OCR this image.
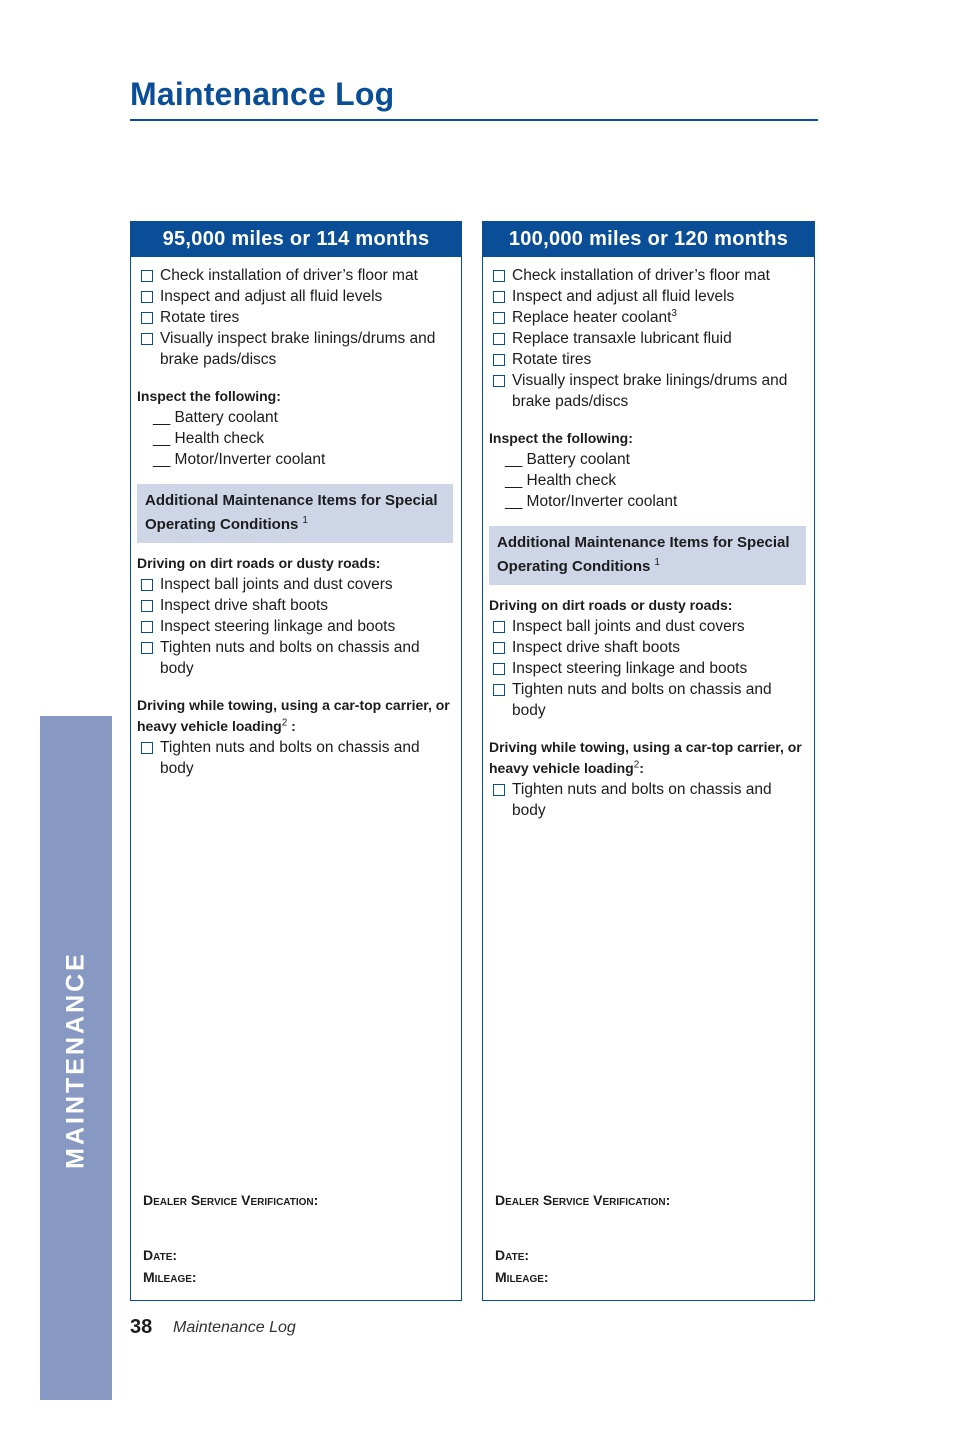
Maintenance Log
MAINTENANCE
95,000 miles or 114 months
Check installation of driver’s floor mat
Inspect and adjust all fluid levels
Rotate tires
Visually inspect brake linings/drums and brake pads/discs
Inspect the following:
__ Battery coolant
__ Health check
__ Motor/Inverter coolant
Additional Maintenance Items for Special Operating Conditions $^1$
Driving on dirt roads or dusty roads:
Inspect ball joints and dust covers
Inspect drive shaft boots
Inspect steering linkage and boots
Tighten nuts and bolts on chassis and body
Driving while towing, using a car-top carrier, or heavy vehicle loading$^2$ :
Tighten nuts and bolts on chassis and body
Dealer Service Verification:
Date:
Mileage:
100,000 miles or 120 months
Check installation of driver’s floor mat
Inspect and adjust all fluid levels
Replace heater coolant$^3$
Replace transaxle lubricant fluid
Rotate tires
Visually inspect brake linings/drums and brake pads/discs
Inspect the following:
__ Battery coolant
__ Health check
__ Motor/Inverter coolant
Additional Maintenance Items for Special Operating Conditions $^1$
Driving on dirt roads or dusty roads:
Inspect ball joints and dust covers
Inspect drive shaft boots
Inspect steering linkage and boots
Tighten nuts and bolts on chassis and body
Driving while towing, using a car-top carrier, or heavy vehicle loading$^2$:
Tighten nuts and bolts on chassis and body
Dealer Service Verification:
Date:
Mileage:
38 Maintenance Log
